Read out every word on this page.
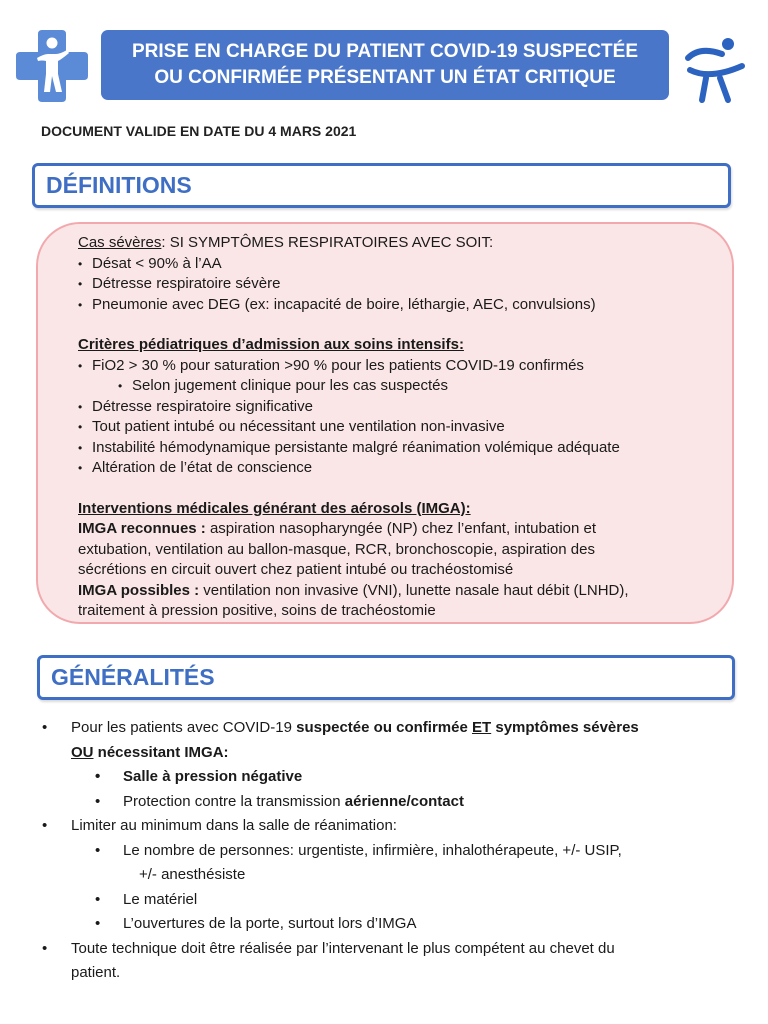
PRISE EN CHARGE DU PATIENT COVID-19 SUSPECTÉE
OU CONFIRMÉE PRÉSENTANT UN ÉTAT CRITIQUE
DOCUMENT VALIDE EN DATE DU 4 MARS 2021
DÉFINITIONS
Cas sévères: SI SYMPTÔMES RESPIRATOIRES AVEC SOIT:
• Désat < 90% à l’AA
• Détresse respiratoire sévère
• Pneumonie avec DEG (ex: incapacité de boire, léthargie, AEC, convulsions)
Critères pédiatriques d’admission aux soins intensifs:
• FiO2 > 30 % pour saturation >90 % pour les patients COVID-19 confirmés
• Selon jugement clinique pour les cas suspectés
• Détresse respiratoire significative
• Tout patient intubé ou nécessitant une ventilation non-invasive
• Instabilité hémodynamique persistante malgré réanimation volémique adéquate
• Altération de l’état de conscience
Interventions médicales générant des aérosols (IMGA):
IMGA reconnues : aspiration nasopharyngée (NP) chez l’enfant, intubation et
extubation, ventilation au ballon-masque, RCR, bronchoscopie, aspiration des
sécrétions en circuit ouvert chez patient intubé ou trachéostomisé
IMGA possibles : ventilation non invasive (VNI), lunette nasale haut débit (LNHD),
traitement à pression positive, soins de trachéostomie
GÉNÉRALITÉS
• Pour les patients avec COVID-19 suspectée ou confirmée ET symptômes sévères
OU nécessitant IMGA:
• Salle à pression négative
• Protection contre la transmission aérienne/contact
• Limiter au minimum dans la salle de réanimation:
• Le nombre de personnes: urgentiste, infirmière, inhalothérapeute, +/- USIP,
+/- anesthésiste
• Le matériel
• L’ouvertures de la porte, surtout lors d’IMGA
• Toute technique doit être réalisée par l’intervenant le plus compétent au chevet du
patient.
